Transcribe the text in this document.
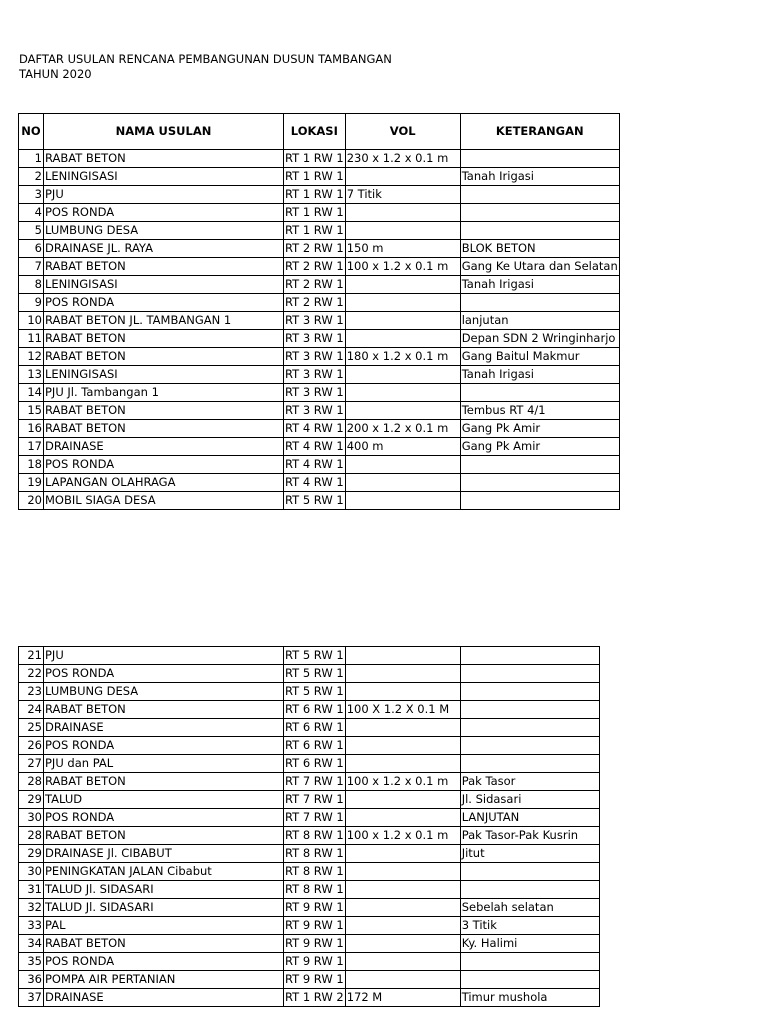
DAFTAR USULAN RENCANA PEMBANGUNAN DUSUN TAMBANGAN
TAHUN 2020
NO	NAMA USULAN	LOKASI	VOL	KETERANGAN
1	RABAT BETON	RT 1 RW 1	230 x 1.2 x 0.1 m	
2	LENINGISASI	RT 1 RW 1		Tanah Irigasi
3	PJU	RT 1 RW 1	7 Titik	
4	POS RONDA	RT 1 RW 1		
5	LUMBUNG DESA	RT 1 RW 1		
6	DRAINASE JL. RAYA	RT 2 RW 1	150 m	BLOK BETON
7	RABAT BETON	RT 2 RW 1	100 x 1.2 x 0.1 m	Gang Ke Utara dan Selatan
8	LENINGISASI	RT 2 RW 1		Tanah Irigasi
9	POS RONDA	RT 2 RW 1		
10	RABAT BETON JL. TAMBANGAN 1	RT 3 RW 1		lanjutan
11	RABAT BETON	RT 3 RW 1		Depan SDN 2 Wringinharjo
12	RABAT BETON	RT 3 RW 1	180 x 1.2 x 0.1 m	Gang Baitul Makmur
13	LENINGISASI	RT 3 RW 1		Tanah Irigasi
14	PJU Jl. Tambangan 1	RT 3 RW 1		
15	RABAT BETON	RT 3 RW 1		Tembus RT 4/1
16	RABAT BETON	RT 4 RW 1	200 x 1.2 x 0.1 m	Gang Pk Amir
17	DRAINASE	RT 4 RW 1	400 m	Gang Pk Amir
18	POS RONDA	RT 4 RW 1		
19	LAPANGAN OLAHRAGA	RT 4 RW 1		
20	MOBIL SIAGA DESA	RT 5 RW 1		
21	PJU	RT 5 RW 1		
22	POS RONDA	RT 5 RW 1		
23	LUMBUNG DESA	RT 5 RW 1		
24	RABAT BETON	RT 6 RW 1	100 X 1.2 X 0.1 M	
25	DRAINASE	RT 6 RW 1		
26	POS RONDA	RT 6 RW 1		
27	PJU dan PAL	RT 6 RW 1		
28	RABAT BETON	RT 7 RW 1	100 x 1.2 x 0.1 m	Pak Tasor
29	TALUD	RT 7 RW 1		Jl. Sidasari
30	POS RONDA	RT 7 RW 1		LANJUTAN
28	RABAT BETON	RT 8 RW 1	100 x 1.2 x 0.1 m	Pak Tasor-Pak Kusrin
29	DRAINASE Jl. CIBABUT	RT 8 RW 1		Jitut
30	PENINGKATAN JALAN Cibabut	RT 8 RW 1		
31	TALUD Jl. SIDASARI	RT 8 RW 1		
32	TALUD Jl. SIDASARI	RT 9 RW 1		Sebelah selatan
33	PAL	RT 9 RW 1		3 Titik
34	RABAT BETON	RT 9 RW 1		Ky. Halimi
35	POS RONDA	RT 9 RW 1		
36	POMPA AIR PERTANIAN	RT 9 RW 1		
37	DRAINASE	RT 1 RW 2	172 M	Timur mushola
